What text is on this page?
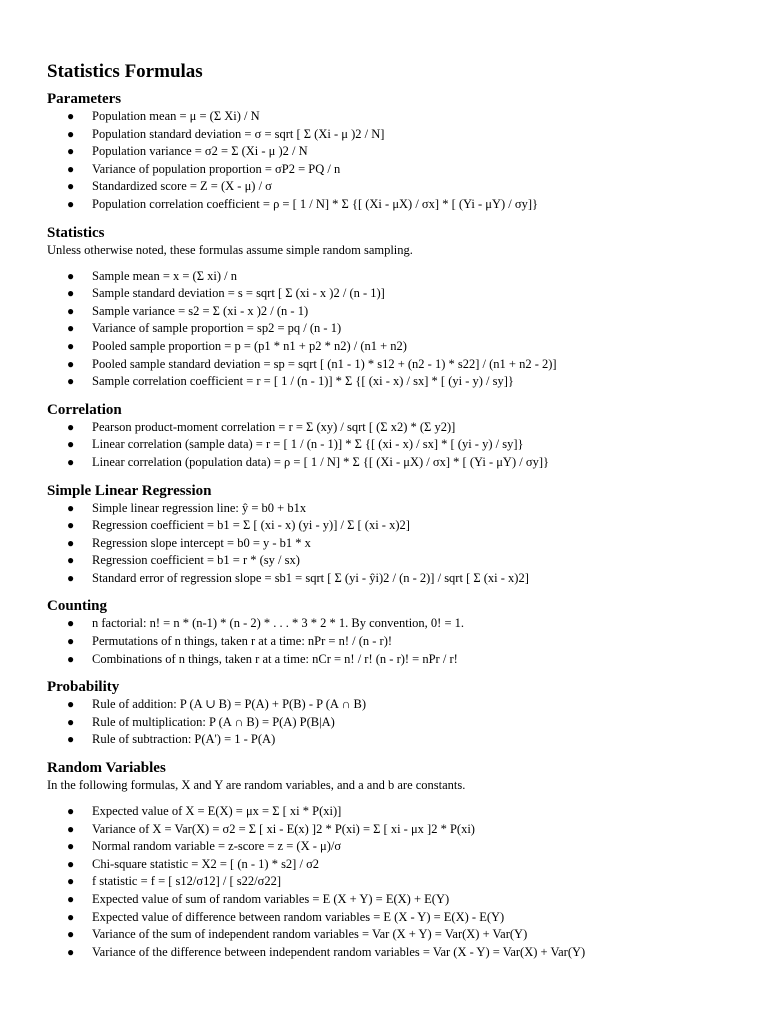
Statistics Formulas
Parameters
● Population mean = μ = (Σ Xi) / N
● Population standard deviation = σ = sqrt [ Σ (Xi - μ )2 / N]
● Population variance = σ2 = Σ (Xi - μ )2 / N
● Variance of population proportion = σP2 = PQ / n
● Standardized score = Z = (X - μ) / σ
● Population correlation coefficient = ρ = [ 1 / N] * Σ {[ (Xi - μX) / σx] * [ (Yi - μY) / σy]}
Statistics

Unless otherwise noted, these formulas assume simple random sampling.

● Sample mean = x = (Σ xi) / n
● Sample standard deviation = s = sqrt [ Σ (xi - x )2 / (n - 1)]
● Sample variance = s2 = Σ (xi - x )2 / (n - 1)
● Variance of sample proportion = sp2 = pq / (n - 1)
● Pooled sample proportion = p = (p1 * n1 + p2 * n2) / (n1 + n2)
● Pooled sample standard deviation = sp = sqrt [ (n1 - 1) * s12 + (n2 - 1) * s22] / (n1 + n2 - 2)]
● Sample correlation coefficient = r = [ 1 / (n - 1)] * Σ {[ (xi - x) / sx] * [ (yi - y) / sy]}
Correlation
● Pearson product-moment correlation = r = Σ (xy) / sqrt [ (Σ x2) * (Σ y2)]
● Linear correlation (sample data) = r = [ 1 / (n - 1)] * Σ {[ (xi - x) / sx] * [ (yi - y) / sy]}
● Linear correlation (population data) = ρ = [ 1 / N] * Σ {[ (Xi - μX) / σx] * [ (Yi - μY) / σy]}
Simple Linear Regression
● Simple linear regression line: ŷ = b0 + b1x
● Regression coefficient = b1 = Σ [ (xi - x) (yi - y)] / Σ [ (xi - x)2]
● Regression slope intercept = b0 = y - b1 * x
● Regression coefficient = b1 = r * (sy / sx)
● Standard error of regression slope = sb1 = sqrt [ Σ (yi - ŷi)2 / (n - 2)] / sqrt [ Σ (xi - x)2]
Counting
● n factorial: n! = n * (n-1) * (n - 2) * . . . * 3 * 2 * 1. By convention, 0! = 1.
● Permutations of n things, taken r at a time: nPr = n! / (n - r)!
● Combinations of n things, taken r at a time: nCr = n! / r! (n - r)! = nPr / r!
Probability
● Rule of addition: P (A ∪ B) = P(A) + P(B) - P (A ∩ B)
● Rule of multiplication: P (A ∩ B) = P(A) P(B|A)
● Rule of subtraction: P(A') = 1 - P(A)
Random Variables

In the following formulas, X and Y are random variables, and a and b are constants.

● Expected value of X = E(X) = μx = Σ [ xi * P(xi)]
● Variance of X = Var(X) = σ2 = Σ [ xi - E(x) ]2 * P(xi) = Σ [ xi - μx ]2 * P(xi)
● Normal random variable = z-score = z = (X - μ)/σ
● Chi-square statistic = X2 = [ (n - 1) * s2] / σ2
● f statistic = f = [ s12/σ12] / [ s22/σ22]
● Expected value of sum of random variables = E (X + Y) = E(X) + E(Y)
● Expected value of difference between random variables = E (X - Y) = E(X) - E(Y)
● Variance of the sum of independent random variables = Var (X + Y) = Var(X) + Var(Y)
● Variance of the difference between independent random variables = Var (X - Y) = Var(X) + Var(Y)
